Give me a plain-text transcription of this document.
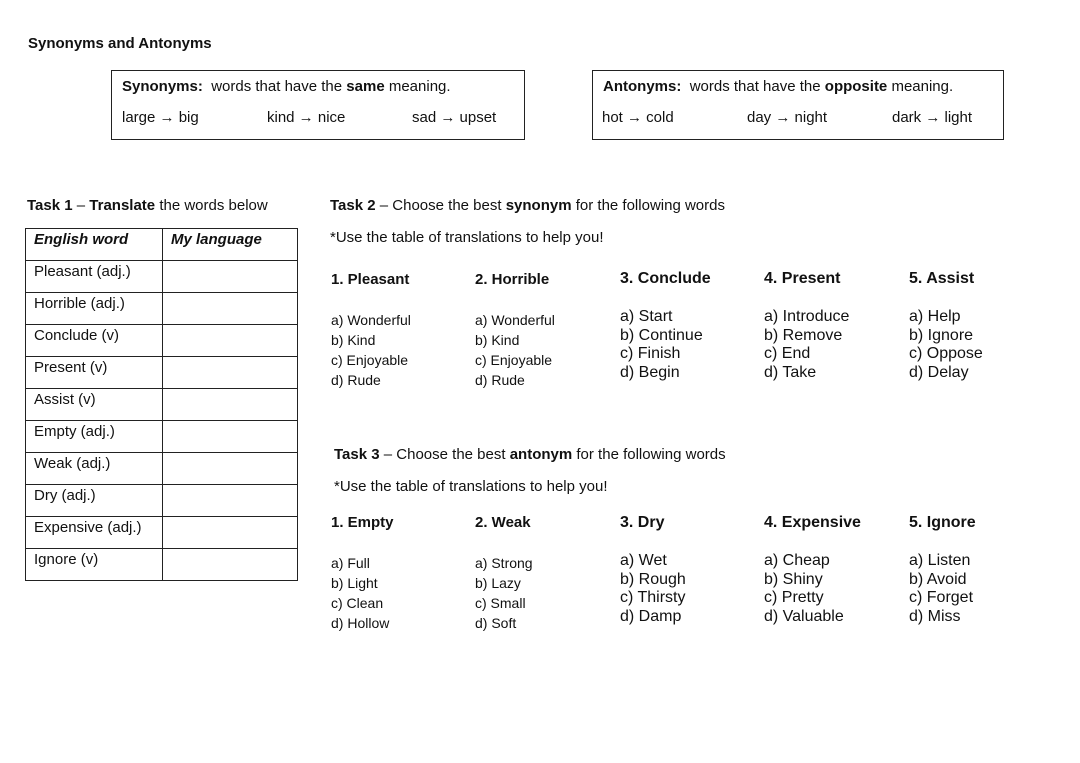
Synonyms and Antonyms
Synonyms: words that have the same meaning.
large → big	kind → nice	sad → upset
Antonyms: words that have the opposite meaning.
hot → cold	day → night	dark → light
Task 1 – Translate the words below
English word	My language
Pleasant (adj.)	
Horrible (adj.)	
Conclude (v)	
Present (v)	
Assist (v)	
Empty (adj.)	
Weak (adj.)	
Dry (adj.)	
Expensive (adj.)	
Ignore (v)	
Task 2 – Choose the best synonym for the following words
*Use the table of translations to help you!
1. Pleasant
a) Wonderful
b) Kind
c) Enjoyable
d) Rude
2. Horrible
a) Wonderful
b) Kind
c) Enjoyable
d) Rude
3. Conclude
a) Start
b) Continue
c) Finish
d) Begin
4. Present
a) Introduce
b) Remove
c) End
d) Take
5. Assist
a) Help
b) Ignore
c) Oppose
d) Delay
Task 3 – Choose the best antonym for the following words
*Use the table of translations to help you!
1. Empty
a) Full
b) Light
c) Clean
d) Hollow
2. Weak
a) Strong
b) Lazy
c) Small
d) Soft
3. Dry
a) Wet
b) Rough
c) Thirsty
d) Damp
4. Expensive
a) Cheap
b) Shiny
c) Pretty
d) Valuable
5. Ignore
a) Listen
b) Avoid
c) Forget
d) Miss
